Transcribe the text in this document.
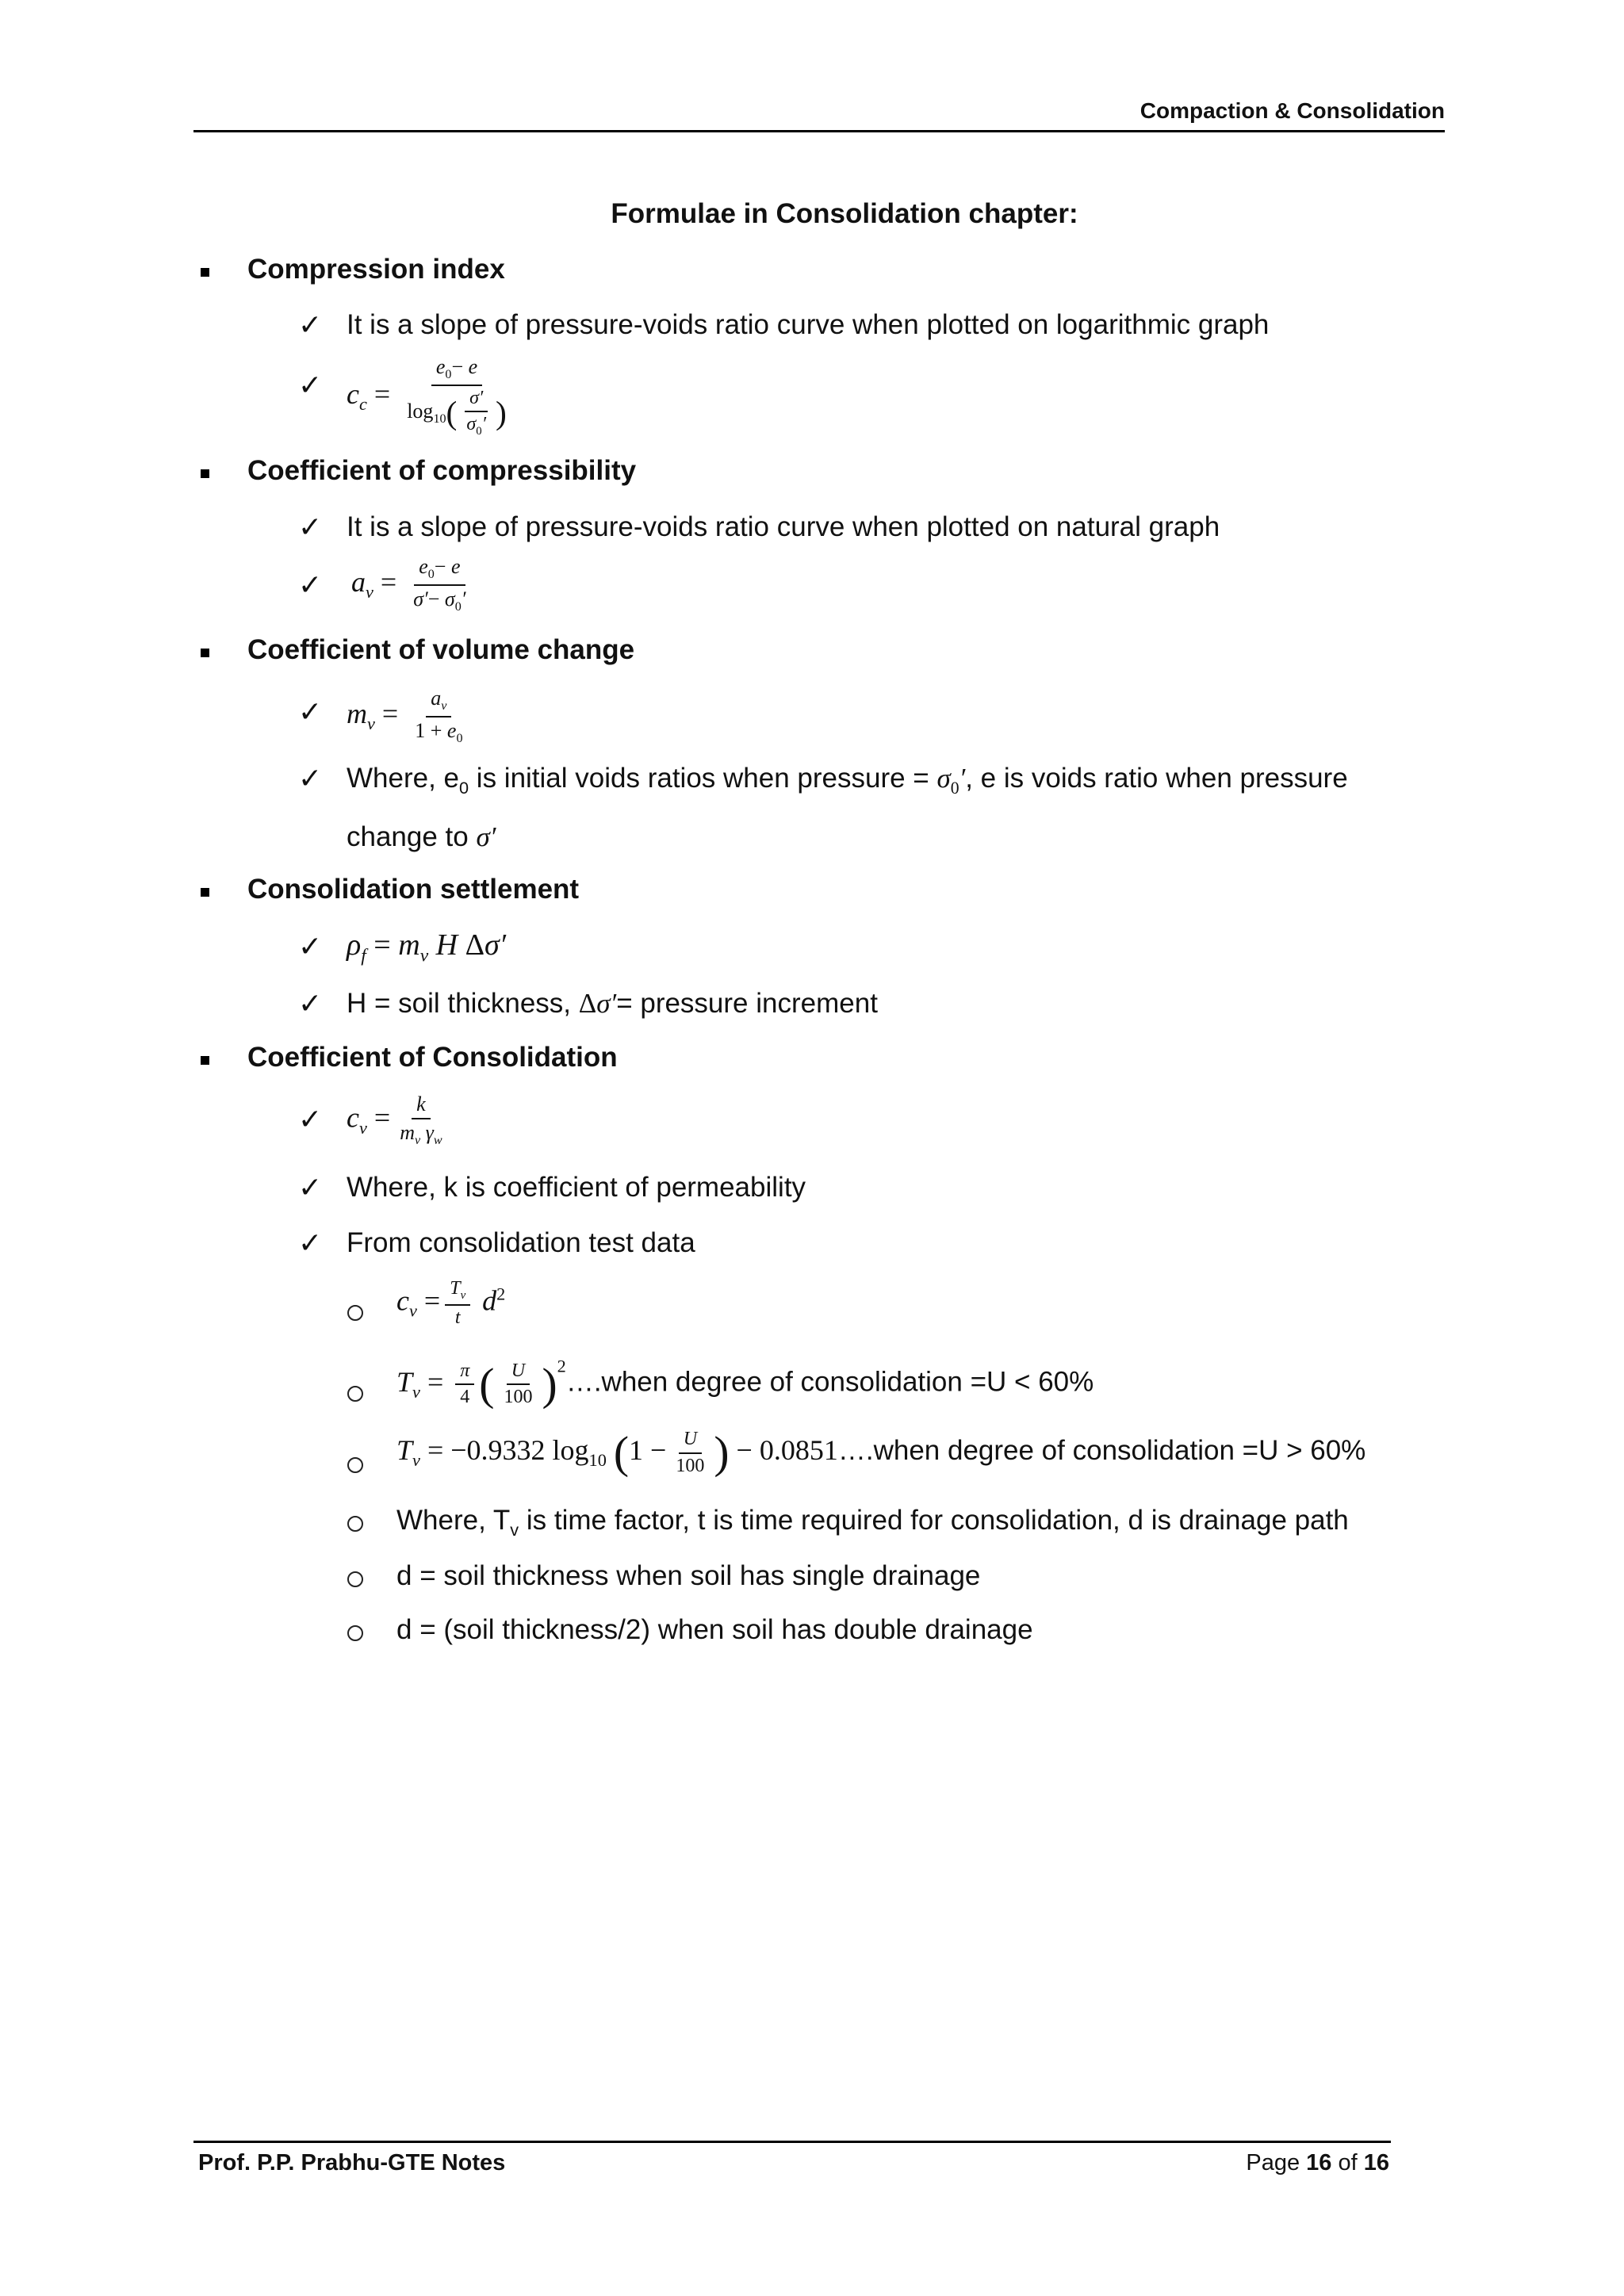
Compaction & Consolidation
Formulae in Consolidation chapter:
Compression index
✓ It is a slope of pressure-voids ratio curve when plotted on logarithmic graph
✓ $c_c = \frac{e_0- e}{\log_{10}( \frac{\sigma'}{\sigma_0'} )}$
Coefficient of compressibility
✓ It is a slope of pressure-voids ratio curve when plotted on natural graph
✓ $a_v = \frac{e_0- e}{\sigma'- \sigma_0'}$
Coefficient of volume change
✓ $m_v = \frac{a_v}{1 + e_0}$
✓ Where, $e_0$ is initial voids ratios when pressure = $\sigma_0'$, e is voids ratio when pressure
change to σ′
Consolidation settlement
✓ $\rho_f = m_v$ H Δσ′
✓ H = soil thickness, Δσ′= pressure increment
Coefficient of Consolidation
✓ $c_v = \frac{k}{m_v \gamma_w}$
✓ Where, k is coefficient of permeability
✓ From consolidation test data
$c_v = \frac{T_v}{t} d^2$
$T_v = \frac{\pi}{4}$ ( $\frac{U}{100}$ )$^2$….when degree of consolidation =U < 60%
$T_v = -0.9332$ $\log_{10} (1 - \frac{U}{100}$ ) − 0.0851….when degree of consolidation =U > 60%
Where, $T_v$ is time factor, t is time required for consolidation, d is drainage path
d = soil thickness when soil has single drainage
d = (soil thickness/2) when soil has double drainage
Prof. P.P. Prabhu-GTE Notes	Page 16 of 16
